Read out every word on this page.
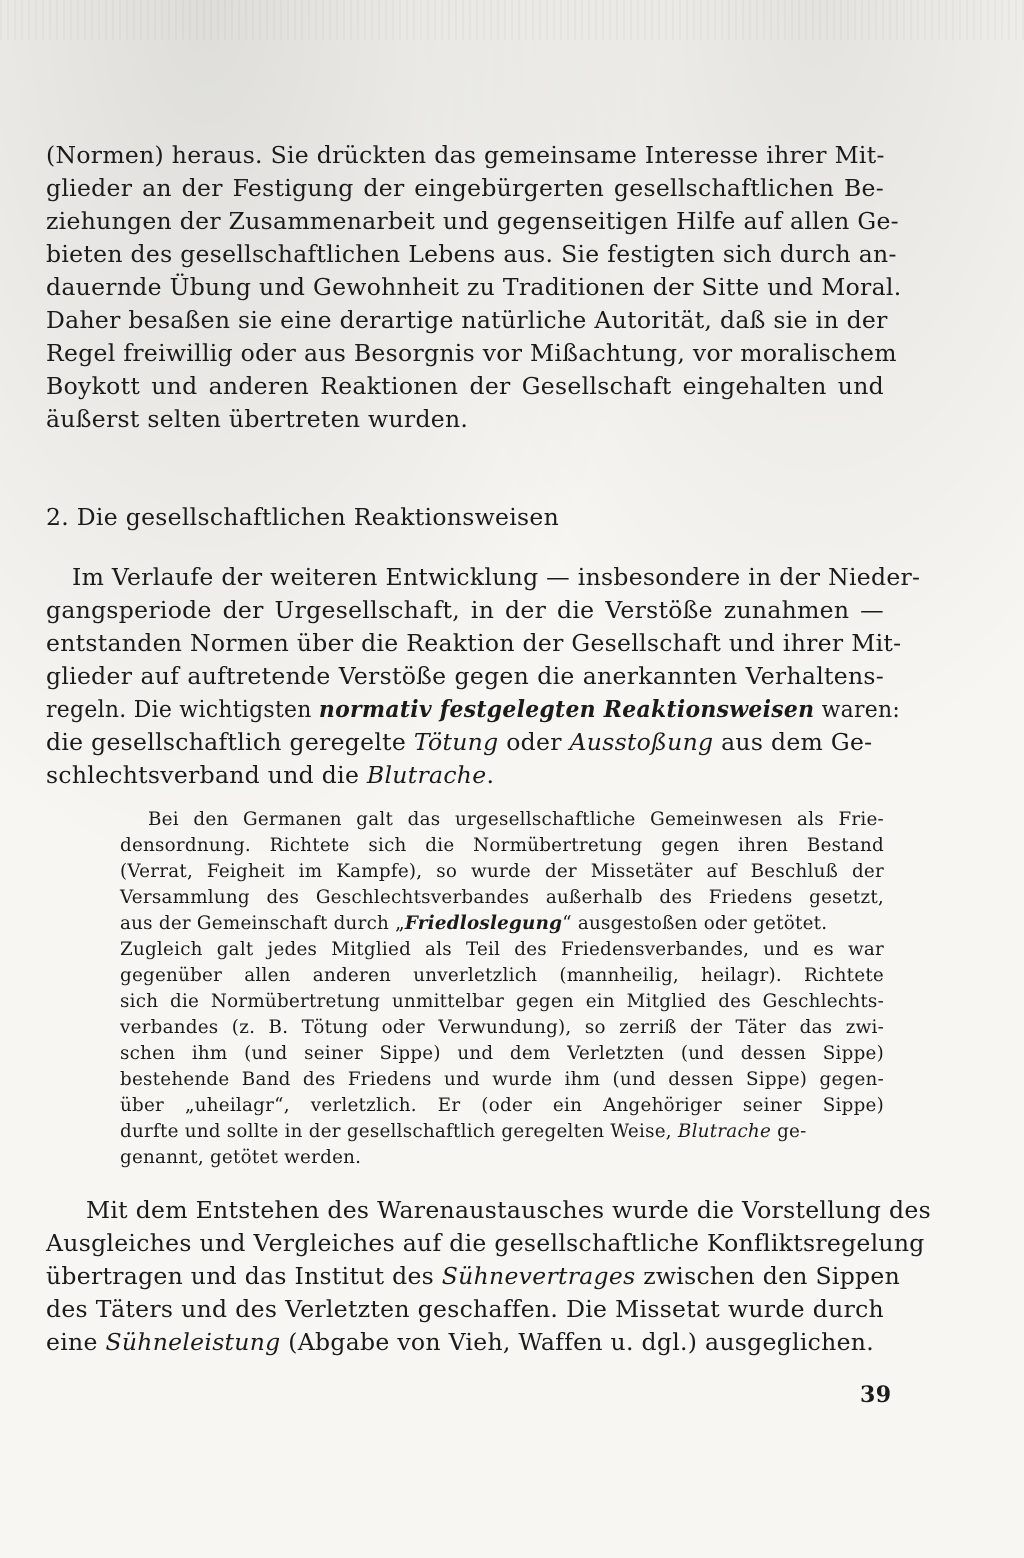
(Normen) heraus. Sie drückten das gemeinsame Interesse ihrer Mit-

glieder an der Festigung der eingebürgerten gesellschaftlichen Be-

ziehungen der Zusammenarbeit und gegenseitigen Hilfe auf allen Ge-

bieten des gesellschaftlichen Lebens aus. Sie festigten sich durch an-

dauernde Übung und Gewohnheit zu Traditionen der Sitte und Moral.

Daher besaßen sie eine derartige natürliche Autorität, daß sie in der

Regel freiwillig oder aus Besorgnis vor Mißachtung, vor moralischem

Boykott und anderen Reaktionen der Gesellschaft eingehalten und

äußerst selten übertreten wurden.

2. Die gesellschaftlichen Reaktionsweisen

Im Verlaufe der weiteren Entwicklung — insbesondere in der Nieder-

gangsperiode der Urgesellschaft, in der die Verstöße zunahmen —

entstanden Normen über die Reaktion der Gesellschaft und ihrer Mit-

glieder auf auftretende Verstöße gegen die anerkannten Verhaltens-

regeln. Die wichtigsten normativ festgelegten Reaktionsweisen waren:

die gesellschaftlich geregelte Tötung oder Ausstoßung aus dem Ge-

schlechtsverband und die Blutrache.

Bei den Germanen galt das urgesellschaftliche Gemeinwesen als Frie-

densordnung. Richtete sich die Normübertretung gegen ihren Bestand

(Verrat, Feigheit im Kampfe), so wurde der Missetäter auf Beschluß der

Versammlung des Geschlechtsverbandes außerhalb des Friedens gesetzt,

aus der Gemeinschaft durch „Friedloslegung“ ausgestoßen oder getötet.

Zugleich galt jedes Mitglied als Teil des Friedensverbandes, und es war

gegenüber allen anderen unverletzlich (mannheilig, heilagr). Richtete

sich die Normübertretung unmittelbar gegen ein Mitglied des Geschlechts-

verbandes (z. B. Tötung oder Verwundung), so zerriß der Täter das zwi-

schen ihm (und seiner Sippe) und dem Verletzten (und dessen Sippe)

bestehende Band des Friedens und wurde ihm (und dessen Sippe) gegen-

über „uheilagr“, verletzlich. Er (oder ein Angehöriger seiner Sippe)

durfte und sollte in der gesellschaftlich geregelten Weise, Blutrache ge-

genannt, getötet werden.

Mit dem Entstehen des Warenaustausches wurde die Vorstellung des

Ausgleiches und Vergleiches auf die gesellschaftliche Konfliktsregelung

übertragen und das Institut des Sühnevertrages zwischen den Sippen

des Täters und des Verletzten geschaffen. Die Missetat wurde durch

eine Sühneleistung (Abgabe von Vieh, Waffen u. dgl.) ausgeglichen.

39
